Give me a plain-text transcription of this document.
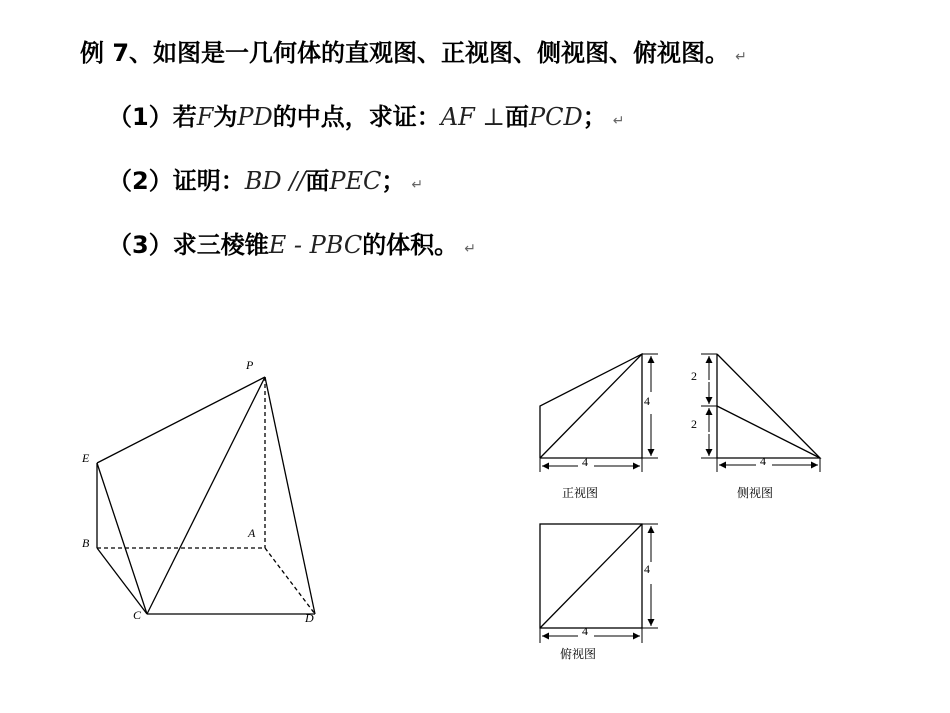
例 7、如图是一几何体的直观图、正视图、侧视图、俯视图。 ↵
（1）若F为PD的中点，求证：AF ⊥面PCD； ↵
（2）证明：BD //面PEC； ↵
（3）求三棱锥E - PBC的体积。 ↵
P
E
B
A
C	D
4
4
正视图
2
2
4
侧视图
4
4
俯视图
